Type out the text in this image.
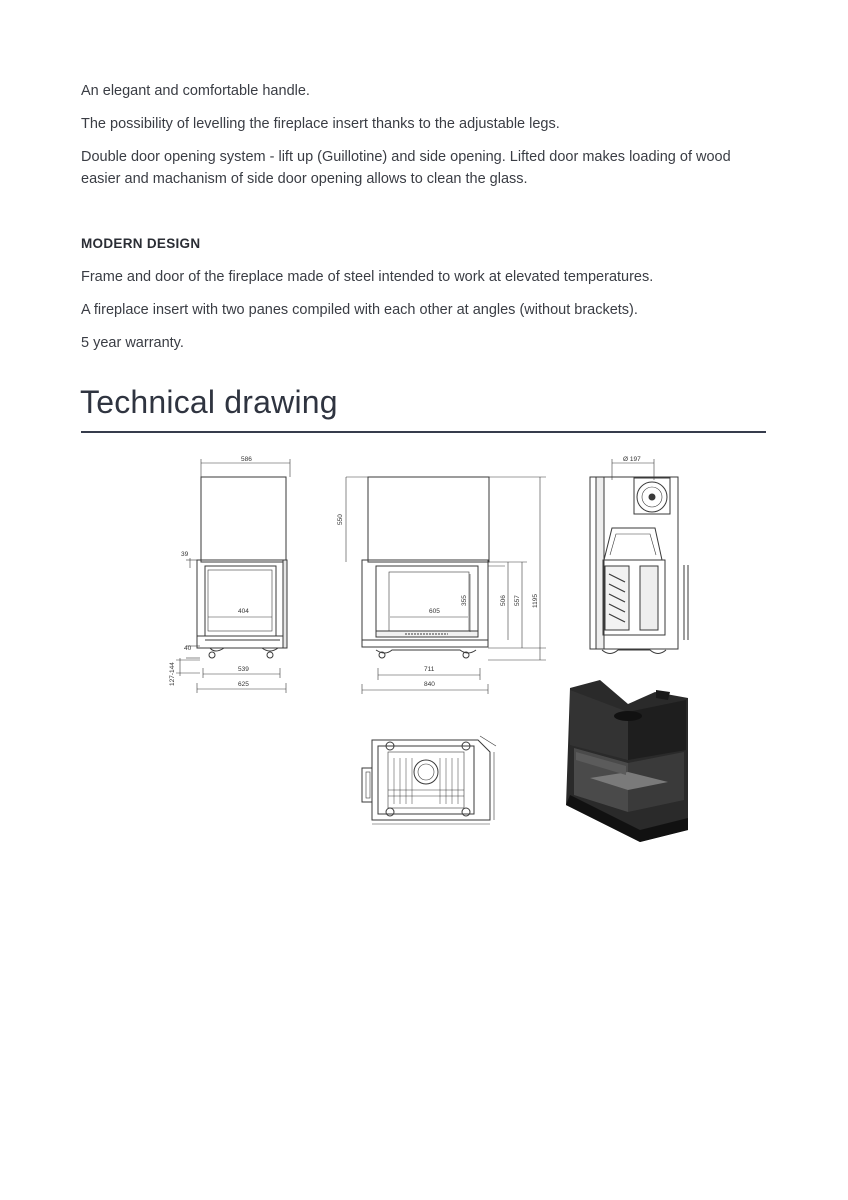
An elegant and comfortable handle.

The possibility of levelling the fireplace insert thanks to the adjustable legs.

Double door opening system - lift up (Guillotine) and side opening. Lifted door makes loading of wood easier and machanism of side door opening allows to clean the glass.

MODERN DESIGN

Frame and door of the fireplace made of steel intended to work at elevated temperatures.

A fireplace insert with two panes compiled with each other at angles (without brackets).

5 year warranty.

Technical drawing
586
39
404
40
127-144	539
625
550
605
355	506 557 1195
711
840
Ø 197
